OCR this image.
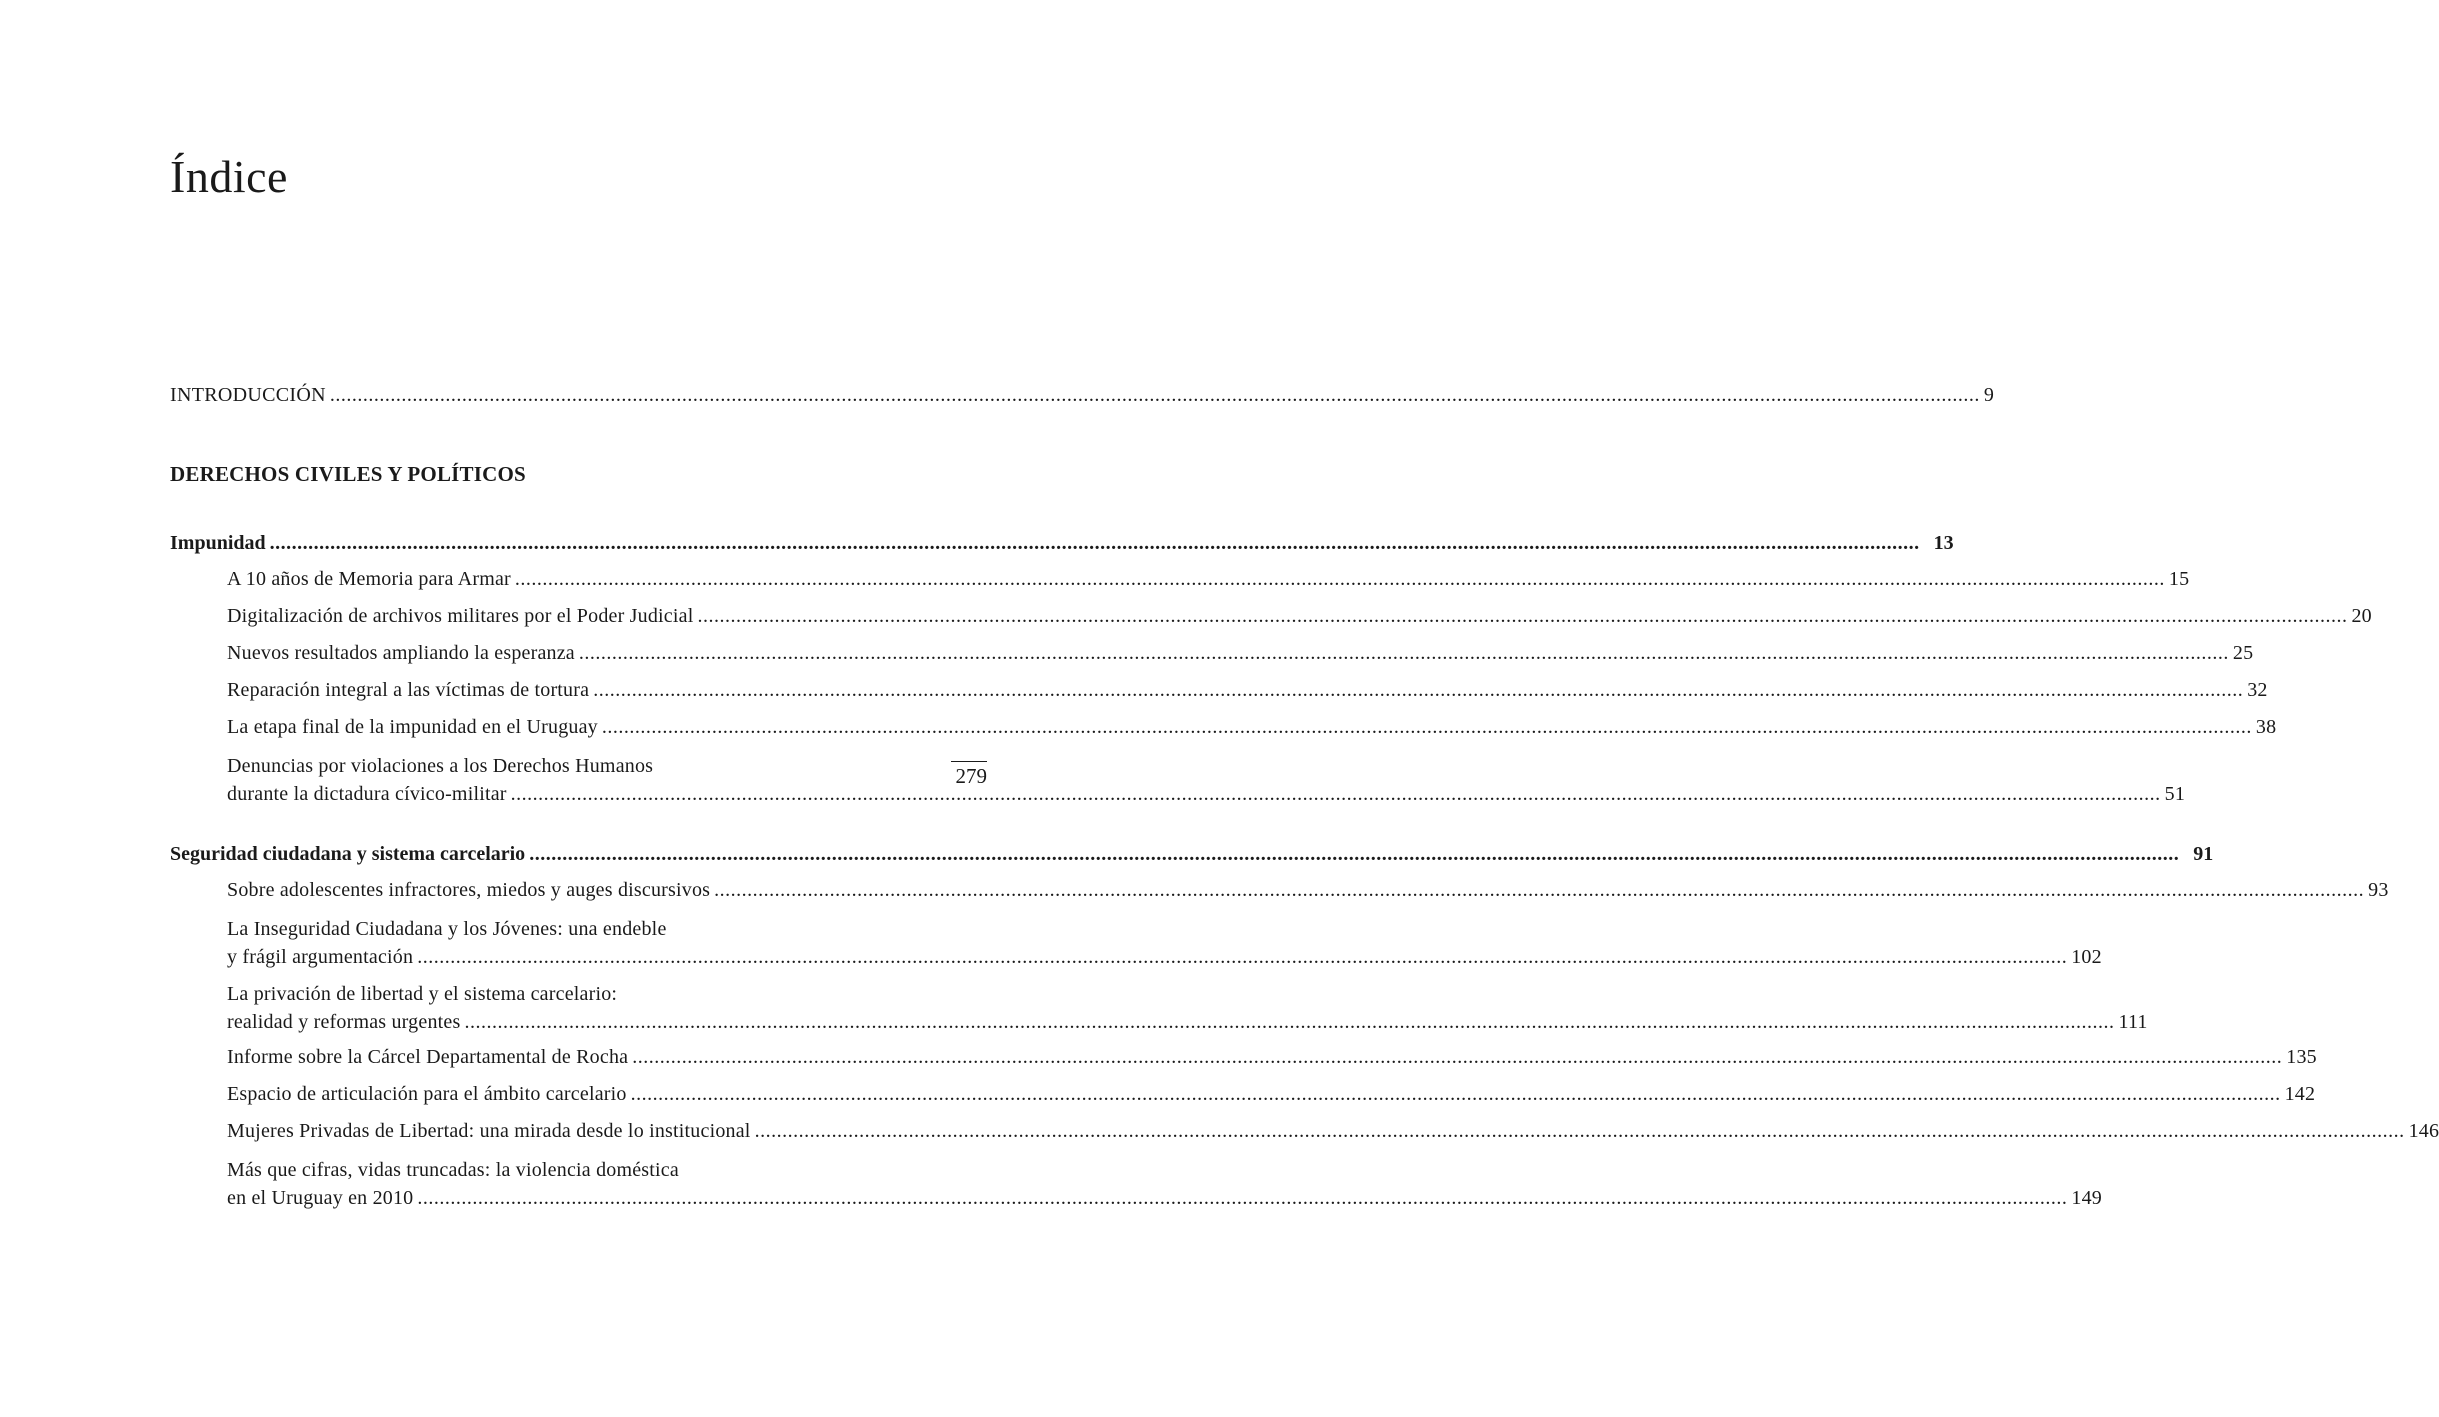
Índice
279
INTRODUCCIÓN ............................................................................................................................................................................................................................................................................................................ 9
DERECHOS CIVILES Y POLÍTICOS
Impunidad ............................................................................................................................................................................................................................................................................................................ 13
A 10 años de Memoria para Armar ............................................................................................................................................................................................................................................................................................................ 15
Digitalización de archivos militares por el Poder Judicial ............................................................................................................................................................................................................................................................................................................ 20
Nuevos resultados ampliando la esperanza ............................................................................................................................................................................................................................................................................................................ 25
Reparación integral a las víctimas de tortura ............................................................................................................................................................................................................................................................................................................ 32
La etapa final de la impunidad en el Uruguay ............................................................................................................................................................................................................................................................................................................ 38
Denuncias por violaciones a los Derechos Humanos
durante la dictadura cívico-militar ............................................................................................................................................................................................................................................................................................................ 51
Seguridad ciudadana y sistema carcelario ............................................................................................................................................................................................................................................................................................................ 91
Sobre adolescentes infractores, miedos y auges discursivos ............................................................................................................................................................................................................................................................................................................ 93
La Inseguridad Ciudadana y los Jóvenes: una endeble
y frágil argumentación ............................................................................................................................................................................................................................................................................................................ 102
La privación de libertad y el sistema carcelario:
realidad y reformas urgentes ............................................................................................................................................................................................................................................................................................................ 111
Informe sobre la Cárcel Departamental de Rocha ............................................................................................................................................................................................................................................................................................................ 135
Espacio de articulación para el ámbito carcelario ............................................................................................................................................................................................................................................................................................................ 142
Mujeres Privadas de Libertad: una mirada desde lo institucional ............................................................................................................................................................................................................................................................................................................ 146
Más que cifras, vidas truncadas: la violencia doméstica
en el Uruguay en 2010 ............................................................................................................................................................................................................................................................................................................ 149
